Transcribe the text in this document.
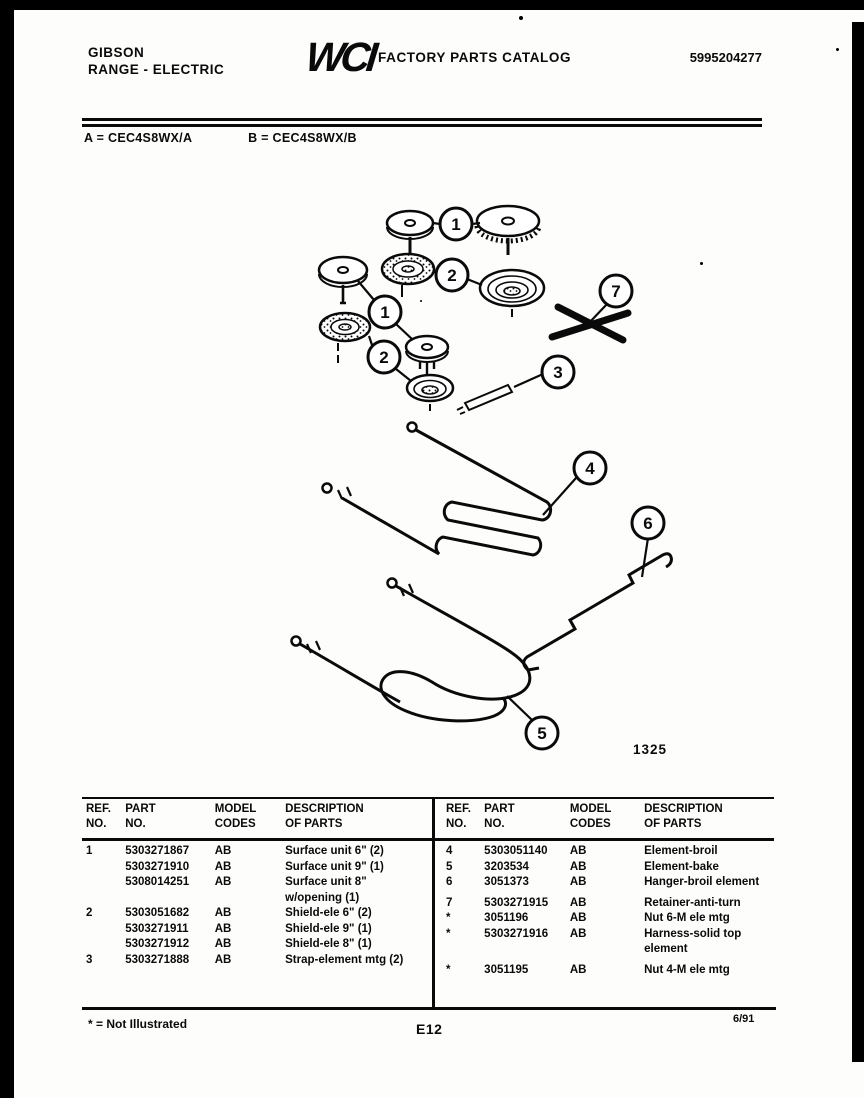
GIBSON
RANGE - ELECTRIC WCI FACTORY PARTS CATALOG	5995204277
A = CEC4S8WX/A	B = CEC4S8WX/B
1
2
1
2
7
3
4
6
5
1325
REF.
NO.	PART
NO.	MODEL
CODES	DESCRIPTION
OF PARTS
1	5303271867	AB	Surface unit 6" (2)
	5303271910	AB	Surface unit 9" (1)
	5308014251	AB	Surface unit 8" w/opening (1)
2	5303051682	AB	Shield-ele 6" (2)
	5303271911	AB	Shield-ele 9" (1)
	5303271912	AB	Shield-ele 8" (1)
3	5303271888	AB	Strap-element mtg (2)
REF.
NO.	PART
NO.	MODEL
CODES	DESCRIPTION
OF PARTS
4	5303051140	AB	Element-broil
5	3203534	AB	Element-bake
6	3051373	AB	Hanger-broil element
7	5303271915	AB	Retainer-anti-turn
*	3051196	AB	Nut 6-M ele mtg
*	5303271916	AB	Harness-solid top element
*	3051195	AB	Nut 4-M ele mtg
* = Not Illustrated	E12
6/91
